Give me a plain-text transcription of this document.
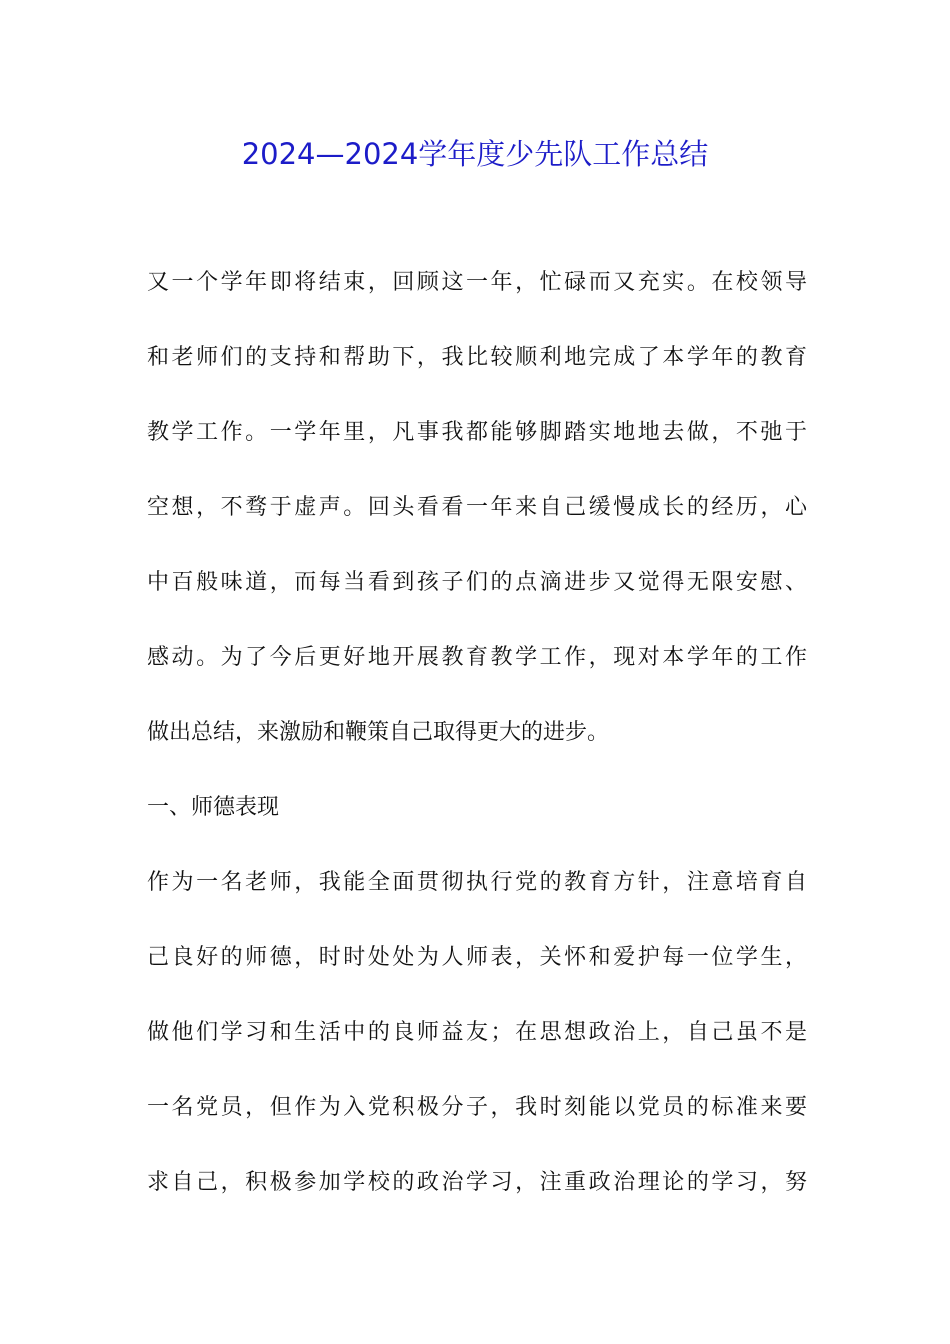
2024—2024学年度少先队工作总结
又一个学年即将结束，回顾这一年，忙碌而又充实。在校领导
和老师们的支持和帮助下，我比较顺利地完成了本学年的教育
教学工作。一学年里，凡事我都能够脚踏实地地去做，不弛于
空想，不骛于虚声。回头看看一年来自己缓慢成长的经历，心
中百般味道，而每当看到孩子们的点滴进步又觉得无限安慰、
感动。为了今后更好地开展教育教学工作，现对本学年的工作
做出总结，来激励和鞭策自己取得更大的进步。
一、师德表现
作为一名老师，我能全面贯彻执行党的教育方针，注意培育自
己良好的师德，时时处处为人师表，关怀和爱护每一位学生，
做他们学习和生活中的良师益友；在思想政治上，自己虽不是
一名党员，但作为入党积极分子，我时刻能以党员的标准来要
求自己，积极参加学校的政治学习，注重政治理论的学习，努
